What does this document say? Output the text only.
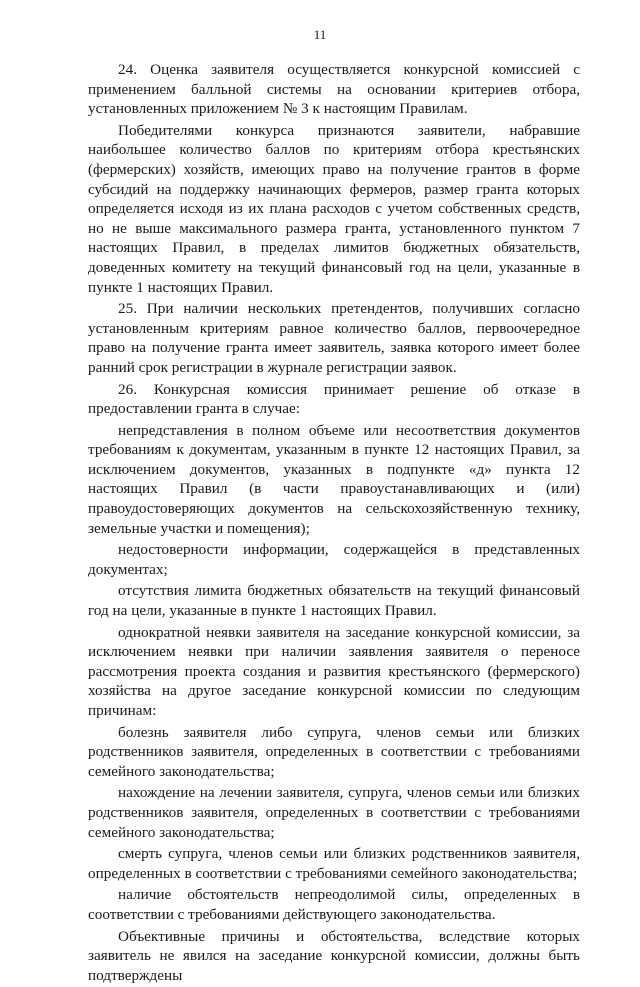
11

24. Оценка заявителя осуществляется конкурсной комиссией с применением балльной системы на основании критериев отбора, установленных приложением № 3 к настоящим Правилам.

Победителями конкурса признаются заявители, набравшие наибольшее количество баллов по критериям отбора крестьянских (фермерских) хозяйств, имеющих право на получение грантов в форме субсидий на поддержку начинающих фермеров, размер гранта которых определяется исходя из их плана расходов с учетом собственных средств, но не выше максимального размера гранта, установленного пунктом 7 настоящих Правил, в пределах лимитов бюджетных обязательств, доведенных комитету на текущий финансовый год на цели, указанные в пункте 1 настоящих Правил.

25. При наличии нескольких претендентов, получивших согласно установленным критериям равное количество баллов, первоочередное право на получение гранта имеет заявитель, заявка которого имеет более ранний срок регистрации в журнале регистрации заявок.

26. Конкурсная комиссия принимает решение об отказе в предоставлении гранта в случае:

непредставления в полном объеме или несоответствия документов требованиям к документам, указанным в пункте 12 настоящих Правил, за исключением документов, указанных в подпункте «д» пункта 12 настоящих Правил (в части правоустанавливающих и (или) правоудостоверяющих документов на сельскохозяйственную технику, земельные участки и помещения);

недостоверности информации, содержащейся в представленных документах;

отсутствия лимита бюджетных обязательств на текущий финансовый год на цели, указанные в пункте 1 настоящих Правил.

однократной неявки заявителя на заседание конкурсной комиссии, за исключением неявки при наличии заявления заявителя о переносе рассмотрения проекта создания и развития крестьянского (фермерского) хозяйства на другое заседание конкурсной комиссии по следующим причинам:

болезнь заявителя либо супруга, членов семьи или близких родственников заявителя, определенных в соответствии с требованиями семейного законодательства;

нахождение на лечении заявителя, супруга, членов семьи или близких родственников заявителя, определенных в соответствии с требованиями семейного законодательства;

смерть супруга, членов семьи или близких родственников заявителя, определенных в соответствии с требованиями семейного законодательства;

наличие обстоятельств непреодолимой силы, определенных в соответствии с требованиями действующего законодательства.

Объективные причины и обстоятельства, вследствие которых заявитель не явился на заседание конкурсной комиссии, должны быть подтверждены
